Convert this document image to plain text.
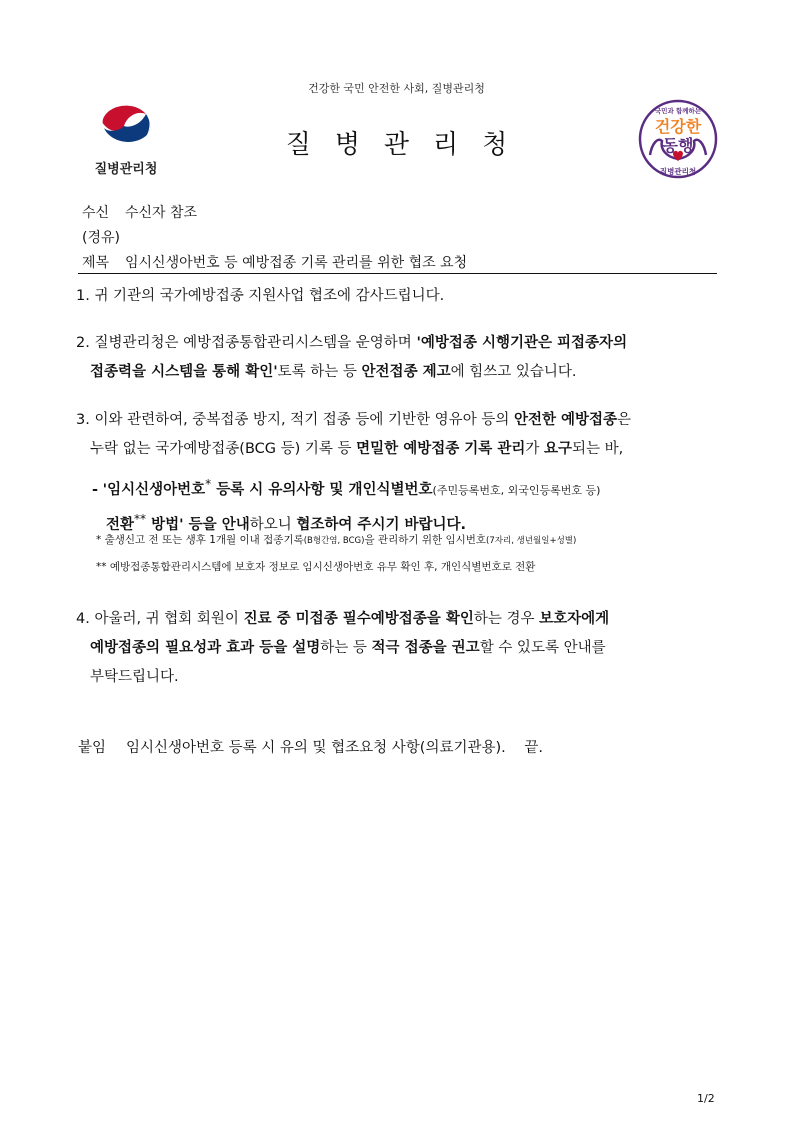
건강한 국민 안전한 사회, 질병관리청
질병관리청
질병관리청
국민과 함께하는
건강한
동행
질병관리청
수신 수신자 참조
(경유)
제목 임시신생아번호 등 예방접종 기록 관리를 위한 협조 요청
1. 귀 기관의 국가예방접종 지원사업 협조에 감사드립니다.
2. 질병관리청은 예방접종통합관리시스템을 운영하며 '예방접종 시행기관은 피접종자의
접종력을 시스템을 통해 확인'토록 하는 등 안전접종 제고에 힘쓰고 있습니다.
3. 이와 관련하여, 중복접종 방지, 적기 접종 등에 기반한 영유아 등의 안전한 예방접종은
누락 없는 국가예방접종(BCG 등) 기록 등 면밀한 예방접종 기록 관리가 요구되는 바,
- '임시신생아번호* 등록 시 유의사항 및 개인식별번호(주민등록번호, 외국인등록번호 등)
전환** 방법' 등을 안내하오니 협조하여 주시기 바랍니다.
* 출생신고 전 또는 생후 1개월 이내 접종기록(B형간염, BCG)을 관리하기 위한 임시번호(7자리, 생년월일+성별)
** 예방접종통합관리시스템에 보호자 정보로 임시신생아번호 유무 확인 후, 개인식별번호로 전환
4. 아울러, 귀 협회 회원이 진료 중 미접종 필수예방접종을 확인하는 경우 보호자에게
예방접종의 필요성과 효과 등을 설명하는 등 적극 접종을 권고할 수 있도록 안내를
부탁드립니다.
붙임 임시신생아번호 등록 시 유의 및 협조요청 사항(의료기관용). 끝.
1/2
